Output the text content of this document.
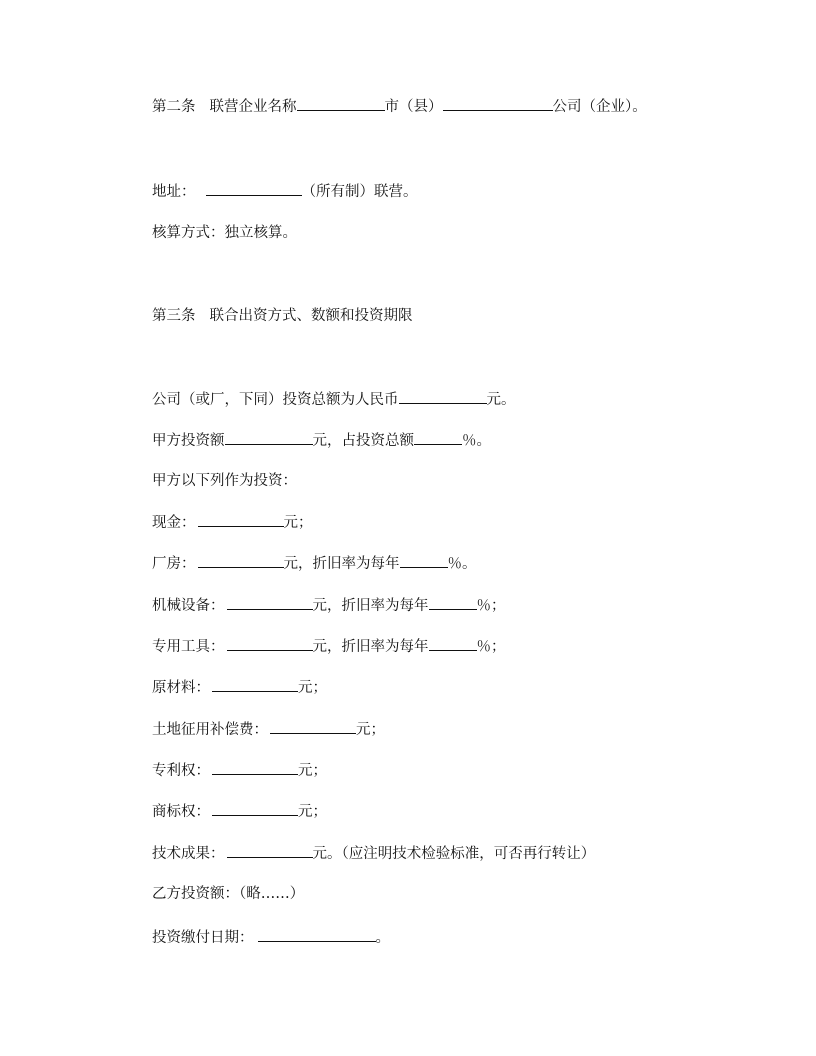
第二条 联营企业名称	市（县）	公司（企业）。
地址：	（所有制）联营。
核算方式：独立核算。
第三条 联合出资方式、数额和投资期限
公司（或厂，下同）投资总额为人民币	元。
甲方投资额	元，占投资总额	％。
甲方以下列作为投资：
现金：	元；
厂房：	元，折旧率为每年	％。
机械设备：	元，折旧率为每年	％；
专用工具：	元，折旧率为每年	％；
原材料：	元；
土地征用补偿费：	元；
专利权：	元；
商标权：	元；
技术成果：	元。（应注明技术检验标准，可否再行转让）
乙方投资额：（略……）
投资缴付日期：	。
